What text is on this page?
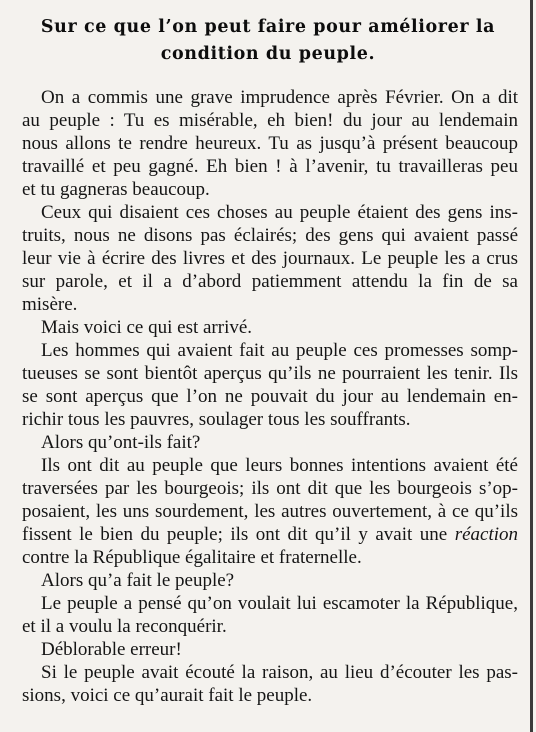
Sur ce que l’on peut faire pour améliorer la
condition du peuple.
On a commis une grave imprudence après Février. On a dit
au peuple : Tu es misérable, eh bien! du jour au lendemain
nous allons te rendre heureux. Tu as jusqu’à présent beaucoup
travaillé et peu gagné. Eh bien ! à l’avenir, tu travailleras peu
et tu gagneras beaucoup.
Ceux qui disaient ces choses au peuple étaient des gens ins-
truits, nous ne disons pas éclairés; des gens qui avaient passé
leur vie à écrire des livres et des journaux. Le peuple les a crus
sur parole, et il a d’abord patiemment attendu la fin de sa
misère.
Mais voici ce qui est arrivé.
Les hommes qui avaient fait au peuple ces promesses somp-
tueuses se sont bientôt aperçus qu’ils ne pourraient les tenir. Ils
se sont aperçus que l’on ne pouvait du jour au lendemain en-
richir tous les pauvres, soulager tous les souffrants.
Alors qu’ont-ils fait?
Ils ont dit au peuple que leurs bonnes intentions avaient été
traversées par les bourgeois; ils ont dit que les bourgeois s’op-
posaient, les uns sourdement, les autres ouvertement, à ce qu’ils
fissent le bien du peuple; ils ont dit qu’il y avait une réaction
contre la République égalitaire et fraternelle.
Alors qu’a fait le peuple?
Le peuple a pensé qu’on voulait lui escamoter la République,
et il a voulu la reconquérir.
Déblorable erreur!
Si le peuple avait écouté la raison, au lieu d’écouter les pas-
sions, voici ce qu’aurait fait le peuple.
